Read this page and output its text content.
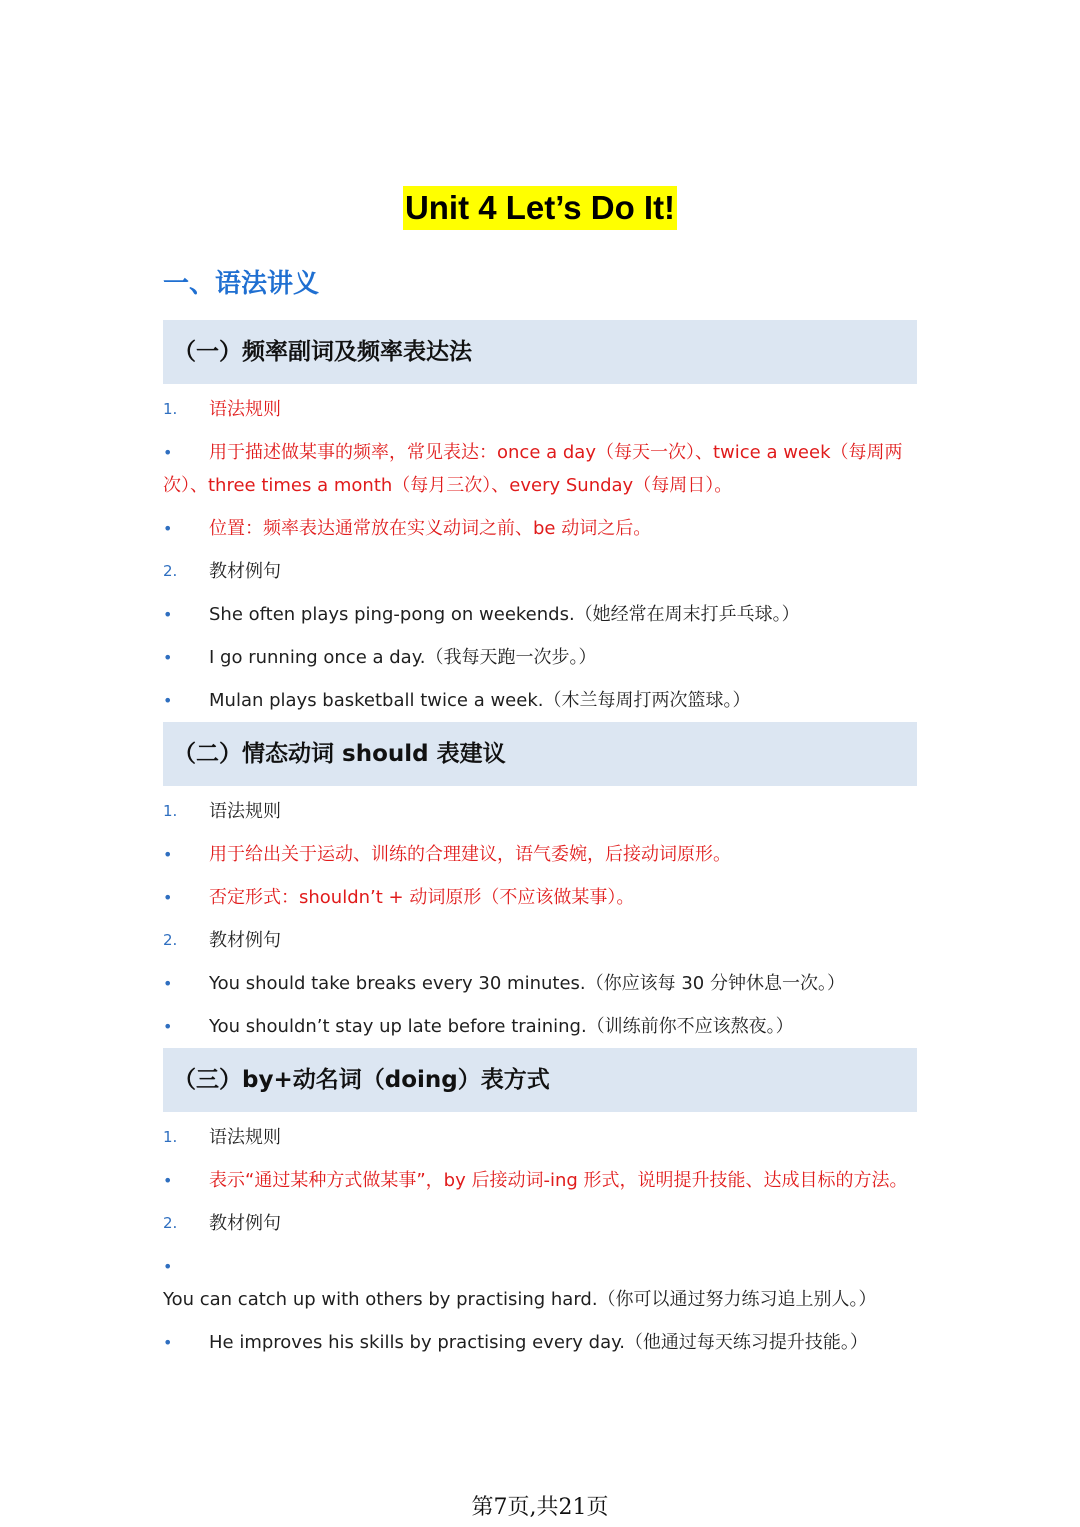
Unit 4 Let’s Do It!
一、语法讲义
（一）频率副词及频率表达法
1.	语法规则
• 用于描述做某事的频率，常见表达：once a day（每天一次）、twice a week（每周两次）、three times a month（每月三次）、every Sunday（每周日）。
•	位置：频率表达通常放在实义动词之前、be 动词之后。
2.	教材例句
•	She often plays ping-pong on weekends.（她经常在周末打乒乓球。）
•	I go running once a day.（我每天跑一次步。）
•	Mulan plays basketball twice a week.（木兰每周打两次篮球。）
（二）情态动词 should 表建议
1.	语法规则
•	用于给出关于运动、训练的合理建议，语气委婉，后接动词原形。
•	否定形式：shouldn’t + 动词原形（不应该做某事）。
2.	教材例句
•	You should take breaks every 30 minutes.（你应该每 30 分钟休息一次。）
•	You shouldn’t stay up late before training.（训练前你不应该熬夜。）
（三）by+动名词（doing）表方式
1.	语法规则
• 表示“通过某种方式做某事”，by 后接动词-ing 形式，说明提升技能、达成目标的方法。
2.	教材例句
•You can catch up with others by practising hard.（你可以通过努力练习追上别人。）
•	He improves his skills by practising every day.（他通过每天练习提升技能。）
第7页,共21页
